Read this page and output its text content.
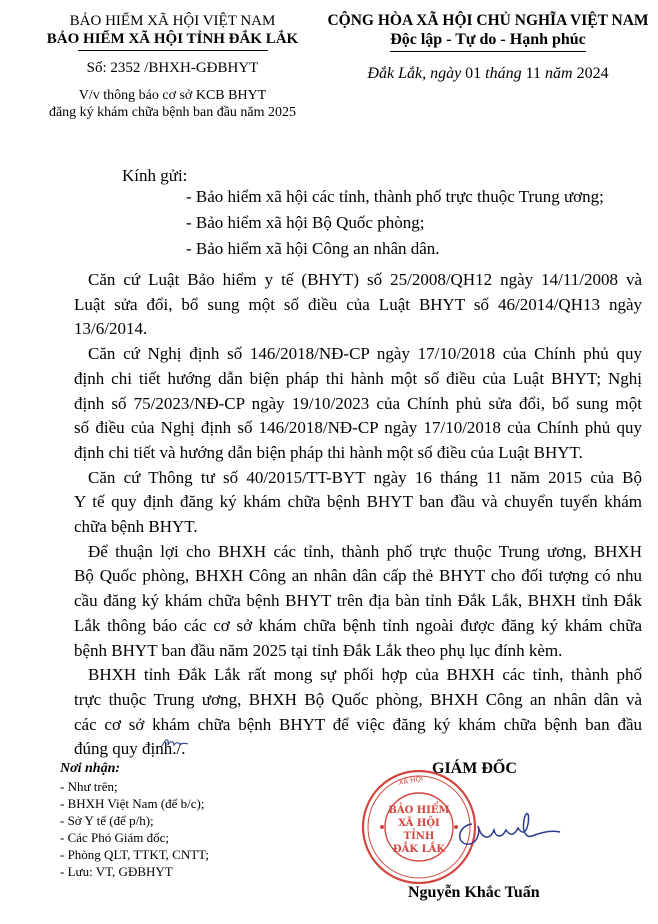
BẢO HIỂM XÃ HỘI VIỆT NAM
BẢO HIỂM XÃ HỘI TỈNH ĐẮK LẮK
Số: 2352 /BHXH-GĐBHYT
V/v thông báo cơ sở KCB BHYT
đăng ký khám chữa bệnh ban đầu năm 2025
CỘNG HÒA XÃ HỘI CHỦ NGHĨA VIỆT NAM
Độc lập - Tự do - Hạnh phúc
Đắk Lắk, ngày 01 tháng 11 năm 2024
Kính gửi:
- Bảo hiểm xã hội các tỉnh, thành phố trực thuộc Trung ương;
- Bảo hiểm xã hội Bộ Quốc phòng;
- Bảo hiểm xã hội Công an nhân dân.
Căn cứ Luật Bảo hiểm y tế (BHYT) số 25/2008/QH12 ngày 14/11/2008 và
Luật sửa đổi, bổ sung một số điều của Luật BHYT số 46/2014/QH13 ngày
13/6/2014.
Căn cứ Nghị định số 146/2018/NĐ-CP ngày 17/10/2018 của Chính phủ quy
định chi tiết hướng dẫn biện pháp thi hành một số điều của Luật BHYT; Nghị
định số 75/2023/NĐ-CP ngày 19/10/2023 của Chính phủ sửa đổi, bổ sung một
số điều của Nghị định số 146/2018/NĐ-CP ngày 17/10/2018 của Chính phủ quy
định chi tiết và hướng dẫn biện pháp thi hành một số điều của Luật BHYT.
Căn cứ Thông tư số 40/2015/TT-BYT ngày 16 tháng 11 năm 2015 của Bộ
Y tế quy định đăng ký khám chữa bệnh BHYT ban đầu và chuyển tuyến khám
chữa bệnh BHYT.
Để thuận lợi cho BHXH các tỉnh, thành phố trực thuộc Trung ương, BHXH
Bộ Quốc phòng, BHXH Công an nhân dân cấp thẻ BHYT cho đối tượng có nhu
cầu đăng ký khám chữa bệnh BHYT trên địa bàn tỉnh Đắk Lắk, BHXH tỉnh Đắk
Lắk thông báo các cơ sở khám chữa bệnh tỉnh ngoài được đăng ký khám chữa
bệnh BHYT ban đầu năm 2025 tại tỉnh Đắk Lắk theo phụ lục đính kèm.
BHXH tỉnh Đắk Lắk rất mong sự phối hợp của BHXH các tỉnh, thành phố
trực thuộc Trung ương, BHXH Bộ Quốc phòng, BHXH Công an nhân dân và
các cơ sở khám chữa bệnh BHYT để việc đăng ký khám chữa bệnh ban đầu
đúng quy định./.
Nơi nhận:
- Như trên;
- BHXH Việt Nam (để b/c);
- Sở Y tế (để p/h);
- Các Phó Giám đốc;
- Phòng QLT, TTKT, CNTT;
- Lưu: VT, GĐBHYT
GIÁM ĐỐC
XÃ HỘI
BẢO HIỂM
XÃ HỘI
TỈNH
ĐẮK LẮK
Nguyễn Khắc Tuấn
